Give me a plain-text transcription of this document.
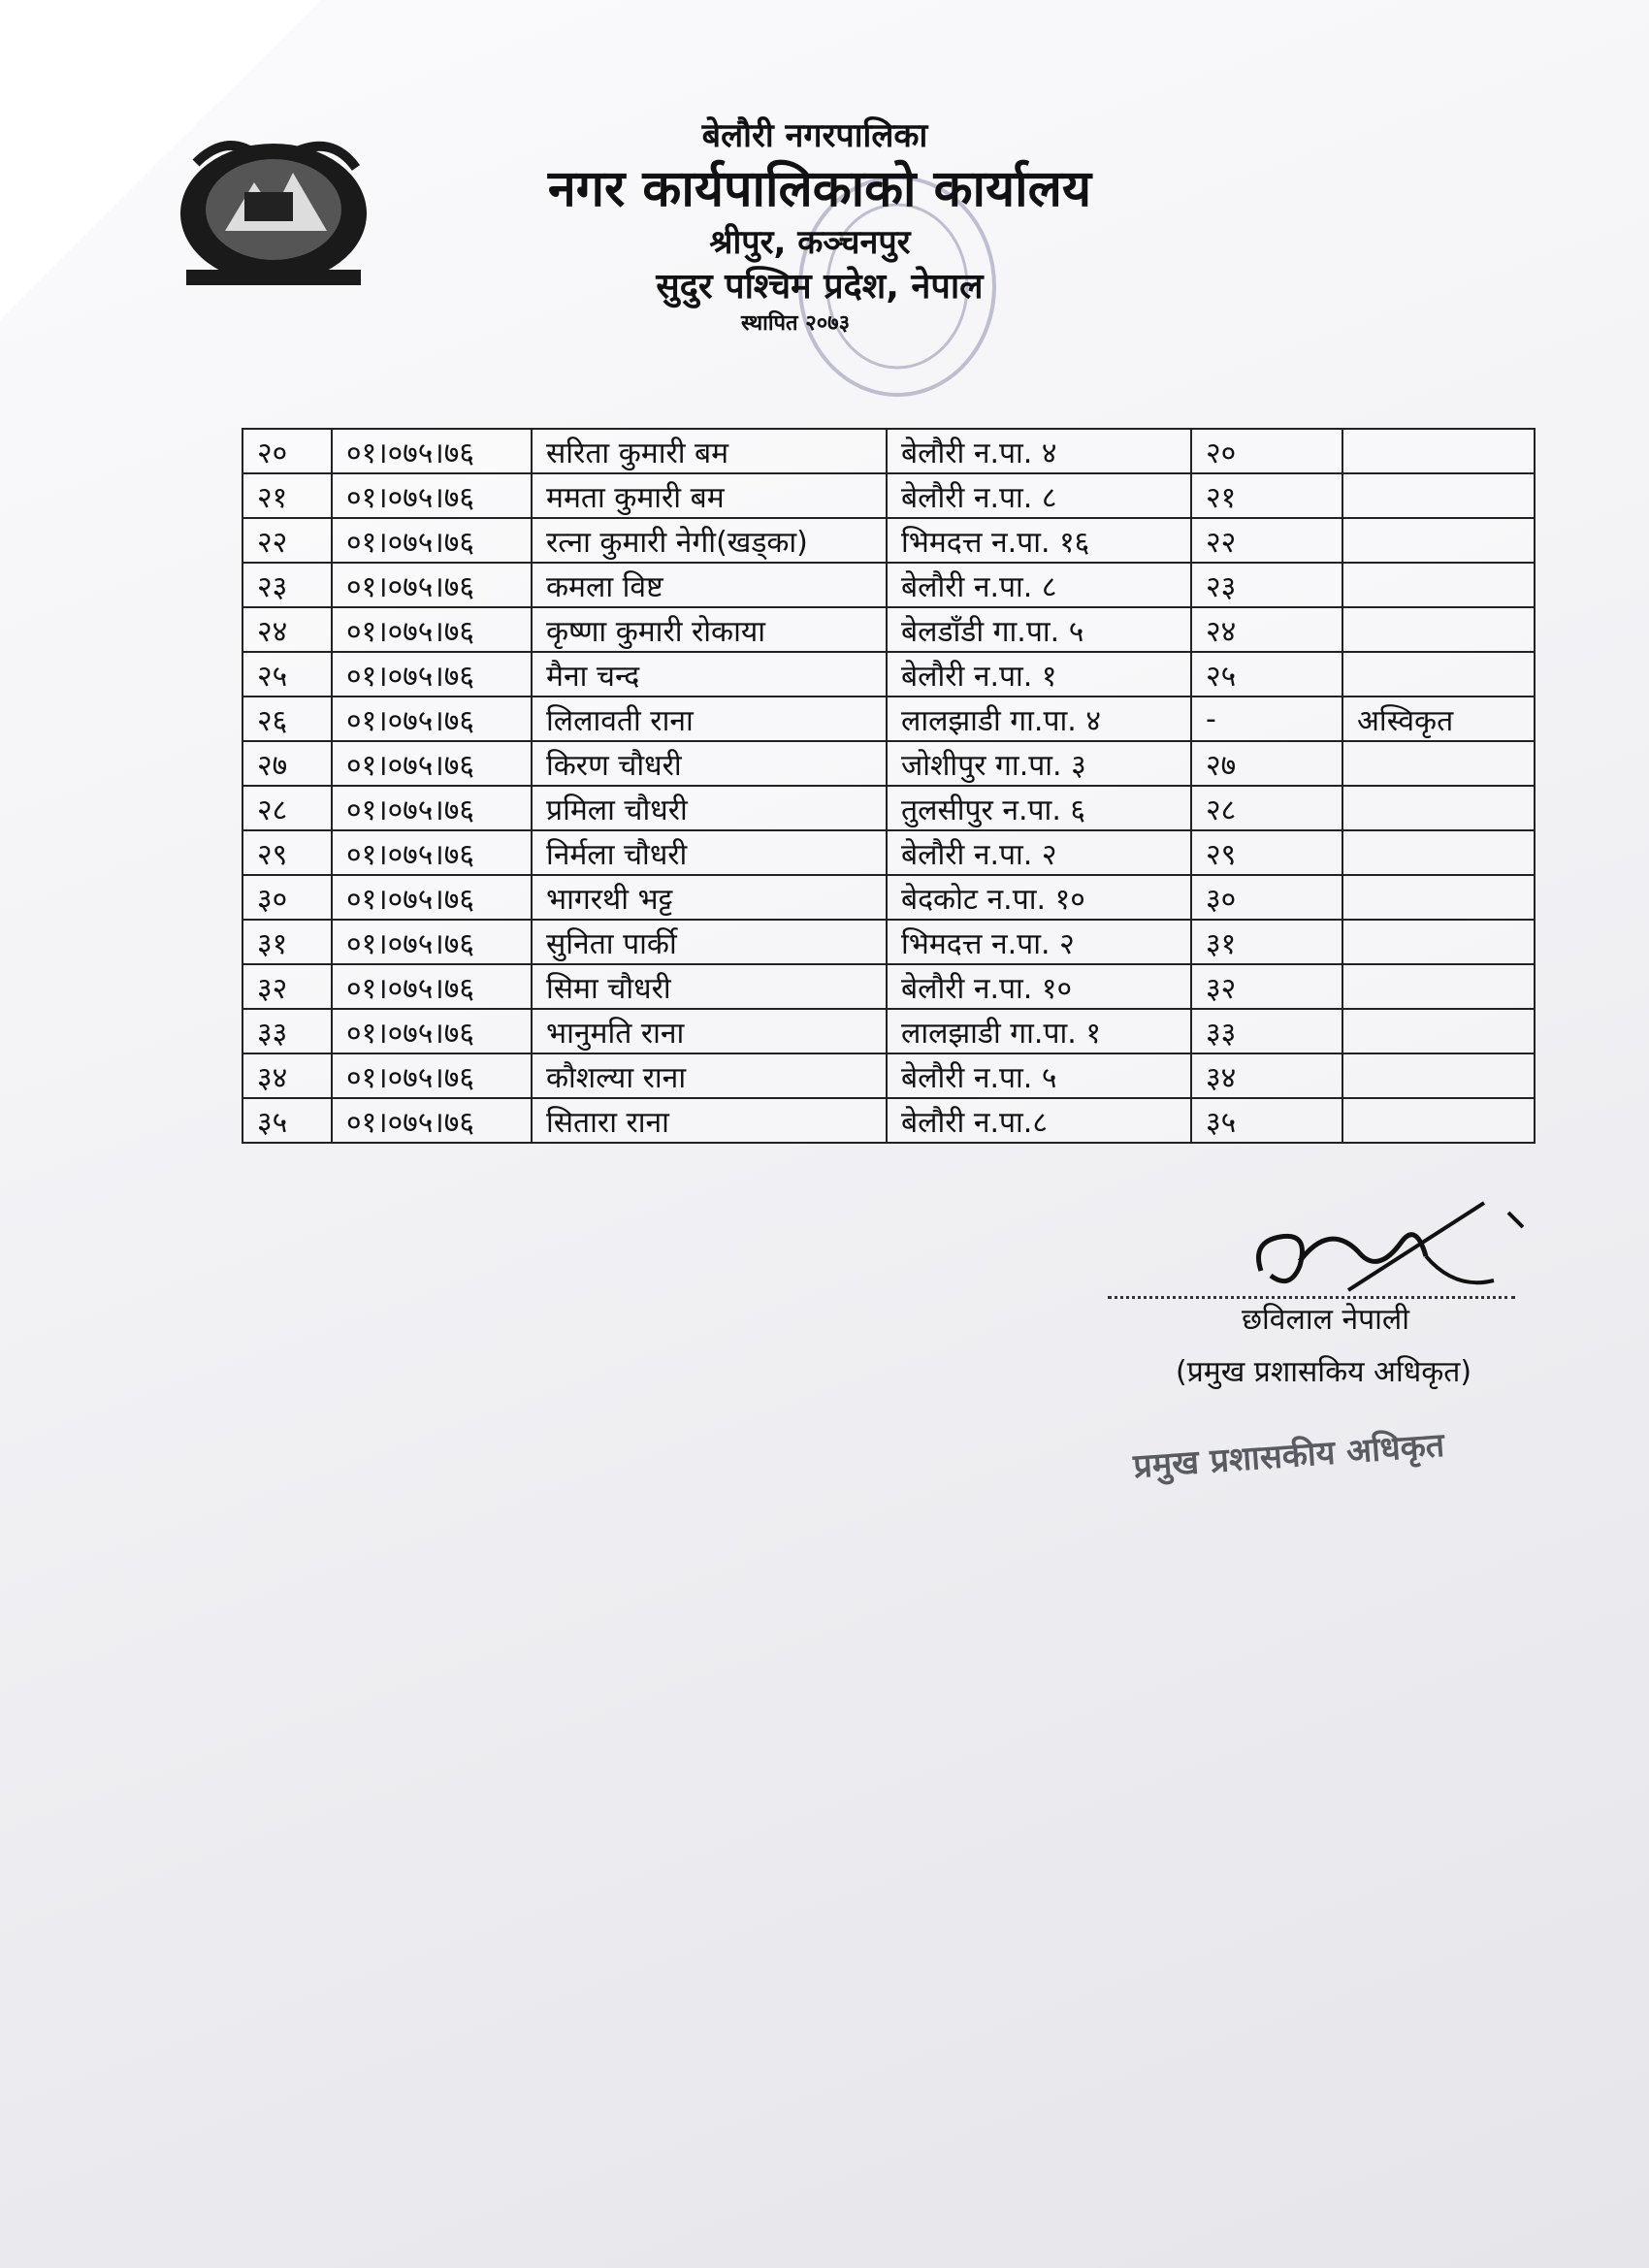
बेलौरी नगरपालिका
नगर कार्यपालिकाको कार्यालय
श्रीपुर, कञ्चनपुर
सुदुर पश्चिम प्रदेश, नेपाल
स्थापित २०७३
२०	०१।०७५।७६	सरिता कुमारी बम	बेलौरी न.पा. ४	२०	
२१	०१।०७५।७६	ममता कुमारी बम	बेलौरी न.पा. ८	२१	
२२	०१।०७५।७६	रत्ना कुमारी नेगी(खड्का)	भिमदत्त न.पा. १६	२२	
२३	०१।०७५।७६	कमला विष्ट	बेलौरी न.पा. ८	२३	
२४	०१।०७५।७६	कृष्णा कुमारी रोकाया	बेलडाँडी गा.पा. ५	२४	
२५	०१।०७५।७६	मैना चन्द	बेलौरी न.पा. १	२५	
२६	०१।०७५।७६	लिलावती राना	लालझाडी गा.पा. ४	-	अस्विकृत
२७	०१।०७५।७६	किरण चौधरी	जोशीपुर गा.पा. ३	२७	
२८	०१।०७५।७६	प्रमिला चौधरी	तुलसीपुर न.पा. ६	२८	
२९	०१।०७५।७६	निर्मला चौधरी	बेलौरी न.पा. २	२९	
३०	०१।०७५।७६	भागरथी भट्ट	बेदकोट न.पा. १०	३०	
३१	०१।०७५।७६	सुनिता पार्की	भिमदत्त न.पा. २	३१	
३२	०१।०७५।७६	सिमा चौधरी	बेलौरी न.पा. १०	३२	
३३	०१।०७५।७६	भानुमति राना	लालझाडी गा.पा. १	३३	
३४	०१।०७५।७६	कौशल्या राना	बेलौरी न.पा. ५	३४	
३५	०१।०७५।७६	सितारा राना	बेलौरी न.पा.८	३५	
छविलाल नेपाली
(प्रमुख प्रशासकिय अधिकृत)
प्रमुख प्रशासकीय अधिकृत
